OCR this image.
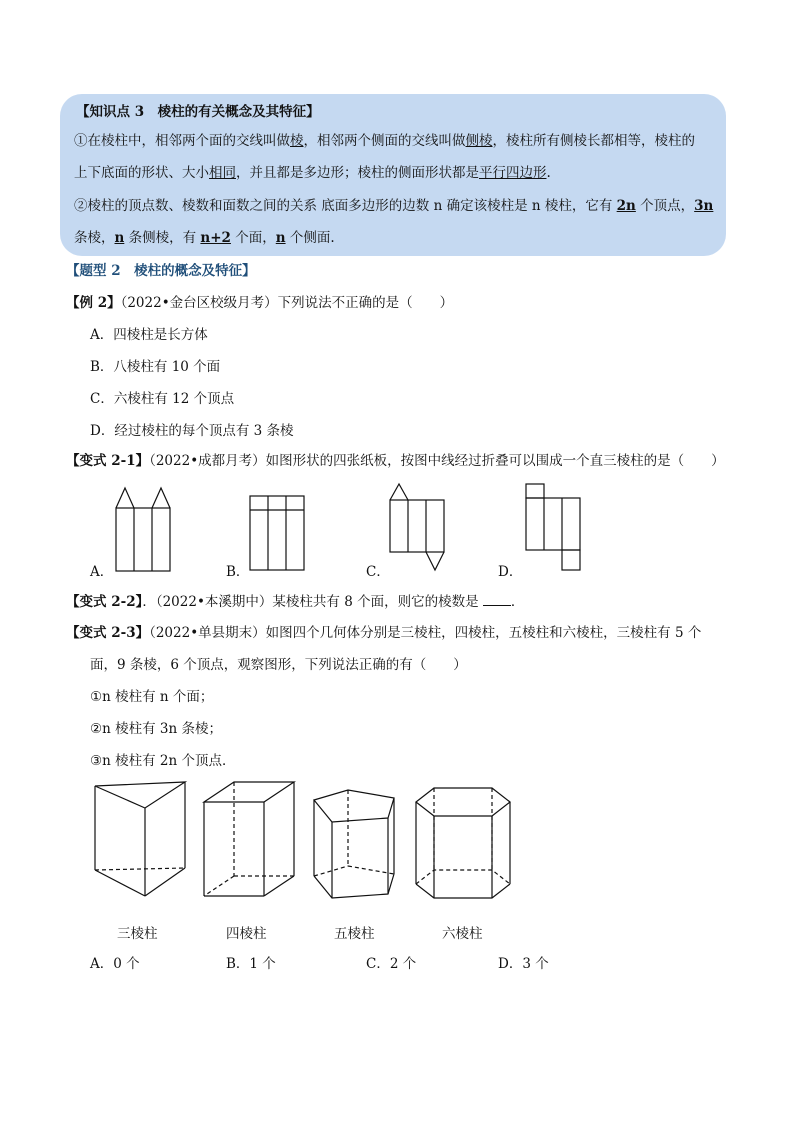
【知识点 3　棱柱的有关概念及其特征】
①在棱柱中，相邻两个面的交线叫做棱，相邻两个侧面的交线叫做侧棱，棱柱所有侧棱长都相等，棱柱的
上下底面的形状、大小相同，并且都是多边形；棱柱的侧面形状都是平行四边形.
②棱柱的顶点数、棱数和面数之间的关系 底面多边形的边数 n 确定该棱柱是 n 棱柱，它有 2n 个顶点，3n
条棱，n 条侧棱，有 n+2 个面，n 个侧面.
【题型 2　棱柱的概念及特征】
【例 2】（2022•金台区校级月考）下列说法不正确的是（　　）
A．四棱柱是长方体
B．八棱柱有 10 个面
C．六棱柱有 12 个顶点
D．经过棱柱的每个顶点有 3 条棱
【变式 2-1】（2022•成都月考）如图形状的四张纸板，按图中线经过折叠可以围成一个直三棱柱的是（　　）
A．	B．	C．	D．
【变式 2-2】．（2022•本溪期中）某棱柱共有 8 个面，则它的棱数是 ．
【变式 2-3】（2022•单县期末）如图四个几何体分别是三棱柱，四棱柱，五棱柱和六棱柱，三棱柱有 5 个
面，9 条棱，6 个顶点，观察图形，下列说法正确的有（　　）
①n 棱柱有 n 个面；
②n 棱柱有 3n 条棱；
③n 棱柱有 2n 个顶点．
三棱柱	四棱柱	五棱柱	六棱柱
A．0 个	B．1 个	C．2 个	D．3 个
